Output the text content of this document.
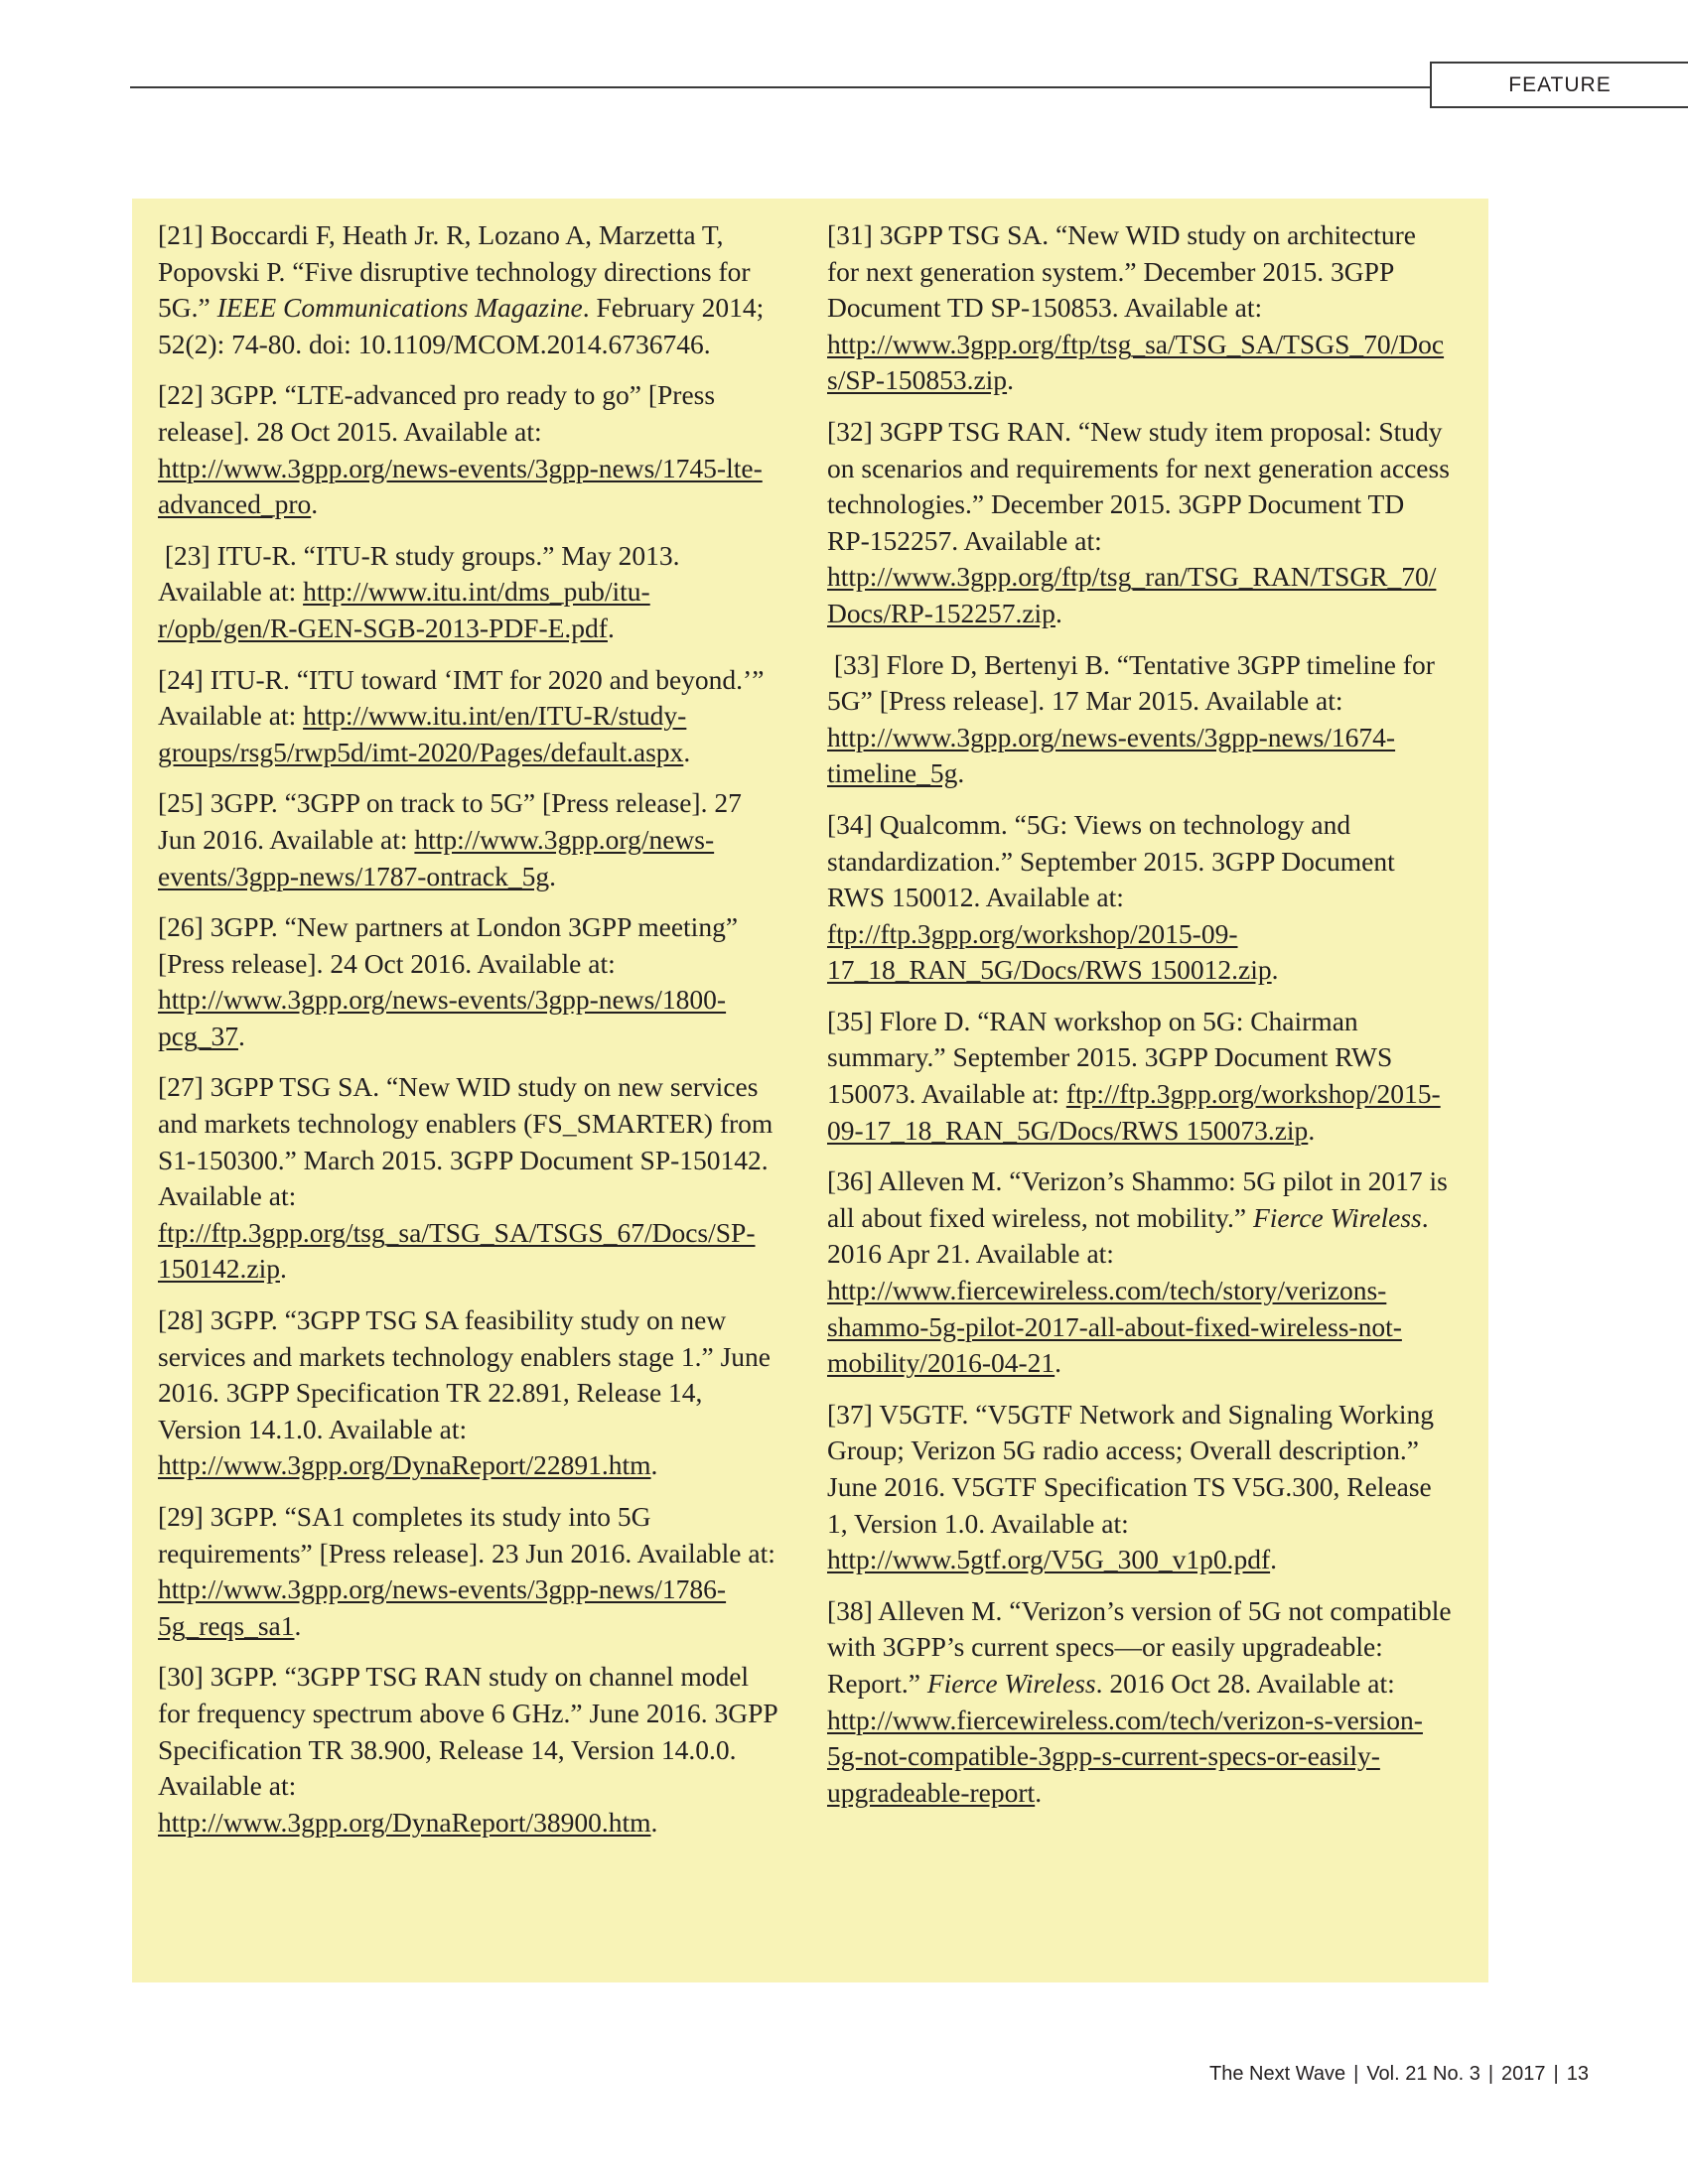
FEATURE

[21] Boccardi F, Heath Jr. R, Lozano A, Marzetta T, Popovski P. “Five disruptive technology directions for 5G.” IEEE Communications Magazine. February 2014; 52(2): 74-80. doi: 10.1109/MCOM.2014.6736746.

[22] 3GPP. “LTE-advanced pro ready to go” [Press release]. 28 Oct 2015. Available at: http://www.3gpp.org/news-events/3gpp-news/1745-lte-advanced_pro.

[23] ITU-R. “ITU-R study groups.” May 2013. Available at: http://www.itu.int/dms_pub/itu-r/opb/gen/R-GEN-SGB-2013-PDF-E.pdf.

[24] ITU-R. “ITU toward ‘IMT for 2020 and beyond.’” Available at: http://www.itu.int/en/ITU-R/study-groups/rsg5/rwp5d/imt-2020/Pages/default.aspx.

[25] 3GPP. “3GPP on track to 5G” [Press release]. 27 Jun 2016. Available at: http://www.3gpp.org/news-events/3gpp-news/1787-ontrack_5g.

[26] 3GPP. “New partners at London 3GPP meeting” [Press release]. 24 Oct 2016. Available at: http://www.3gpp.org/news-events/3gpp-news/1800-pcg_37.

[27] 3GPP TSG SA. “New WID study on new services and markets technology enablers (FS_SMARTER) from S1-150300.” March 2015. 3GPP Document SP-150142. Available at: ftp://ftp.3gpp.org/tsg_sa/TSG_SA/TSGS_67/Docs/SP-150142.zip.

[28] 3GPP. “3GPP TSG SA feasibility study on new services and markets technology enablers stage 1.” June 2016. 3GPP Specification TR 22.891, Release 14, Version 14.1.0. Available at: http://www.3gpp.org/DynaReport/22891.htm.

[29] 3GPP. “SA1 completes its study into 5G requirements” [Press release]. 23 Jun 2016. Available at: http://www.3gpp.org/news-events/3gpp-news/1786-5g_reqs_sa1.

[30] 3GPP. “3GPP TSG RAN study on channel model for frequency spectrum above 6 GHz.” June 2016. 3GPP Specification TR 38.900, Release 14, Version 14.0.0. Available at: http://www.3gpp.org/DynaReport/38900.htm.

[31] 3GPP TSG SA. “New WID study on architecture for next generation system.” December 2015. 3GPP Document TD SP-150853. Available at: http://www.3gpp.org/ftp/tsg_sa/TSG_SA/TSGS_70/Docs/SP-150853.zip.

[32] 3GPP TSG RAN. “New study item proposal: Study on scenarios and requirements for next generation access technologies.” December 2015. 3GPP Document TD RP-152257. Available at: http://www.3gpp.org/ftp/tsg_ran/TSG_RAN/TSGR_70/Docs/RP-152257.zip.

[33] Flore D, Bertenyi B. “Tentative 3GPP timeline for 5G” [Press release]. 17 Mar 2015. Available at: http://www.3gpp.org/news-events/3gpp-news/1674-timeline_5g.

[34] Qualcomm. “5G: Views on technology and standardization.” September 2015. 3GPP Document RWS 150012. Available at: ftp://ftp.3gpp.org/workshop/2015-09-17_18_RAN_5G/Docs/RWS 150012.zip.

[35] Flore D. “RAN workshop on 5G: Chairman summary.” September 2015. 3GPP Document RWS 150073. Available at: ftp://ftp.3gpp.org/workshop/2015-09-17_18_RAN_5G/Docs/RWS 150073.zip.

[36] Alleven M. “Verizon’s Shammo: 5G pilot in 2017 is all about fixed wireless, not mobility.” Fierce Wireless. 2016 Apr 21. Available at: http://www.fiercewireless.com/tech/story/verizons-shammo-5g-pilot-2017-all-about-fixed-wireless-not-mobility/2016-04-21.

[37] V5GTF. “V5GTF Network and Signaling Working Group; Verizon 5G radio access; Overall description.” June 2016. V5GTF Specification TS V5G.300, Release 1, Version 1.0. Available at: http://www.5gtf.org/V5G_300_v1p0.pdf.

[38] Alleven M. “Verizon’s version of 5G not compatible with 3GPP’s current specs—or easily upgradeable: Report.” Fierce Wireless. 2016 Oct 28. Available at: http://www.fiercewireless.com/tech/verizon-s-version-5g-not-compatible-3gpp-s-current-specs-or-easily-upgradeable-report.

The Next Wave | Vol. 21 No. 3 | 2017 | 13
